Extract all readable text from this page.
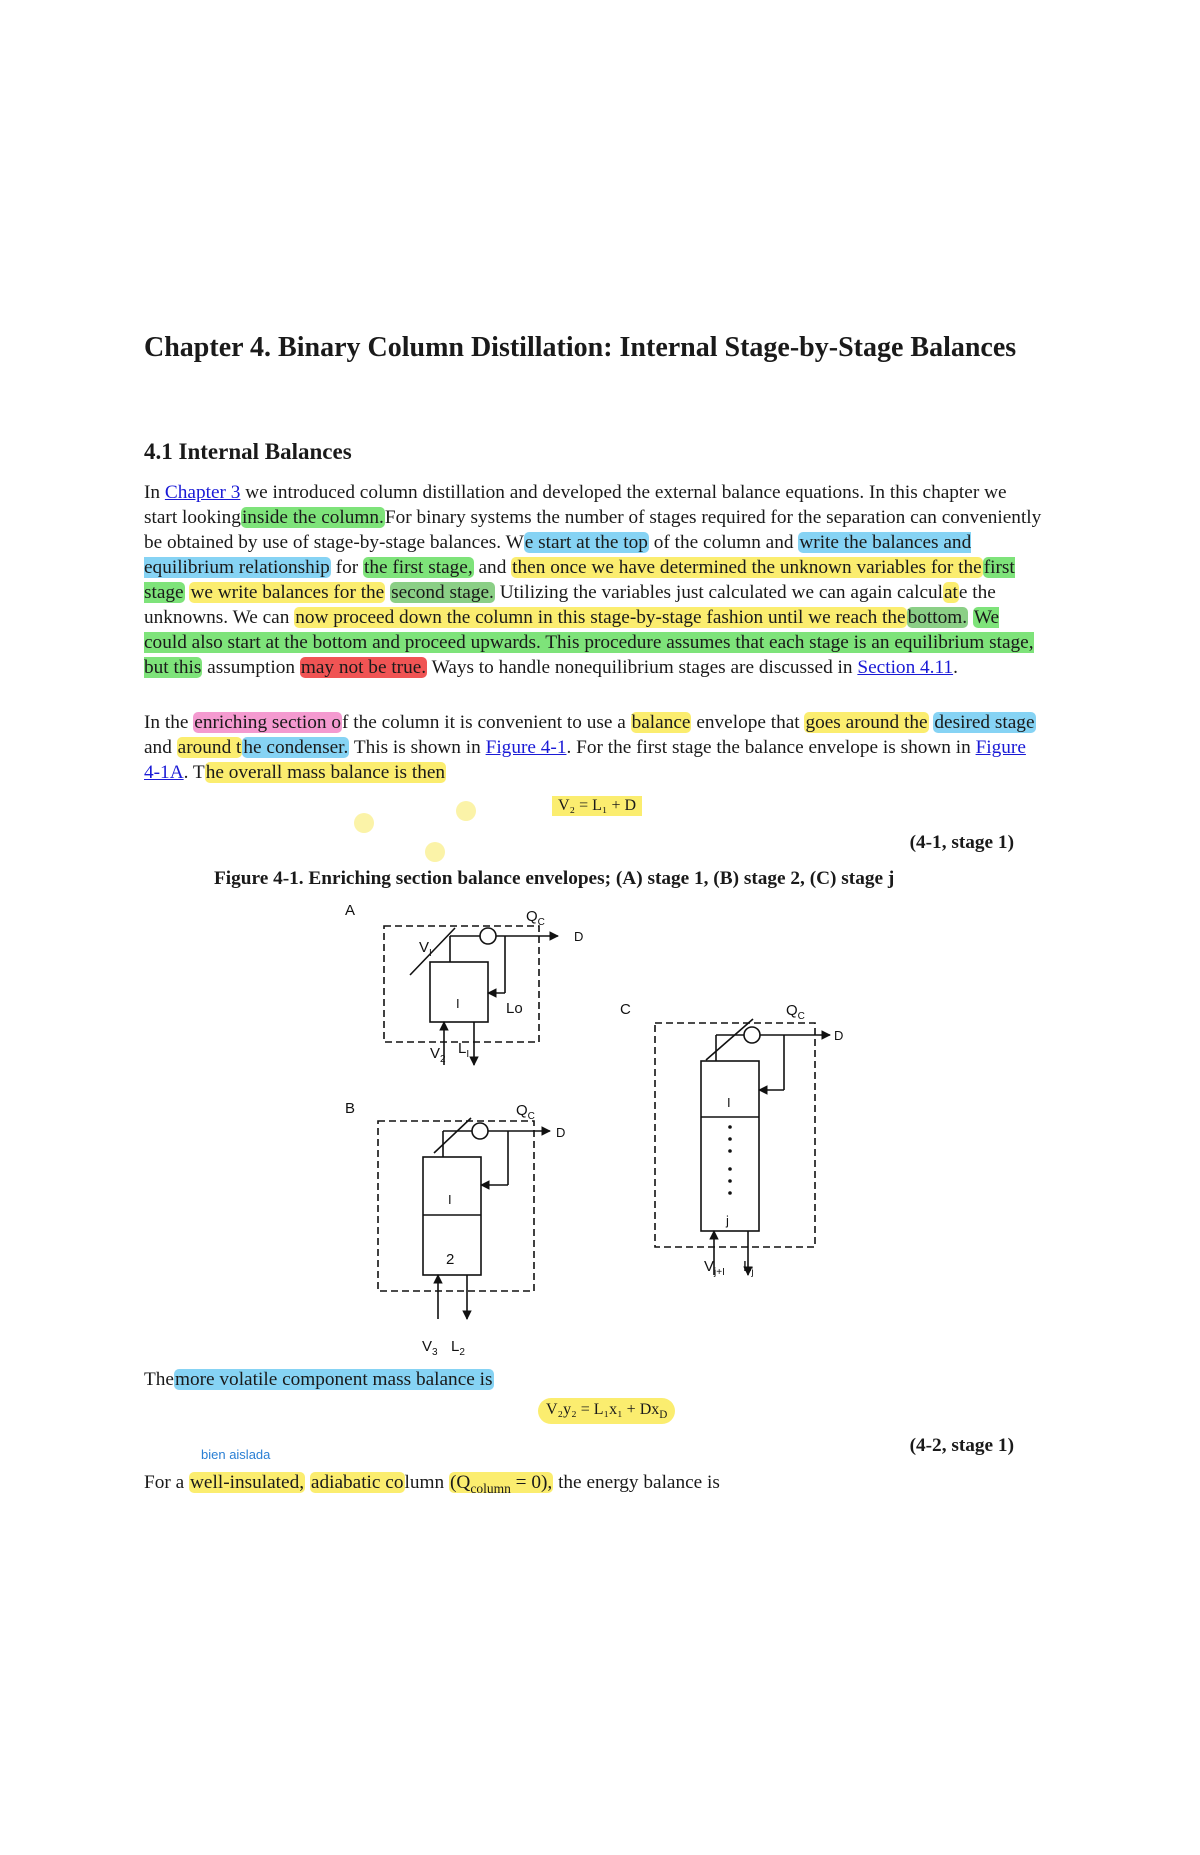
Chapter 4. Binary Column Distillation: Internal Stage-by-Stage Balances
4.1 Internal Balances

In Chapter 3 we introduced column distillation and developed the external balance equations. In this chapter we start lookinginside the column.For binary systems the number of stages required for the separation can conveniently be obtained by use of stage-by-stage balances. We start at the top of the column and write the balances and equilibrium relationship for the first stage, and then once we have determined the unknown variables for the first stage we write balances for the second stage. Utilizing the variables just calculated we can again calculate the unknowns. We can now proceed down the column in this stage-by-stage fashion until we reach the bottom. We could also start at the bottom and proceed upwards. This procedure assumes that each stage is an equilibrium stage, but this assumption may not be true. Ways to handle nonequilibrium stages are discussed in Section 4.11.

In the enriching section of the column it is convenient to use a balance envelope that goes around the desired stage and around t he condenser. This is shown in Figure 4-1. For the first stage the balance envelope is shown in Figure 4-1A. The overall mass balance is then

V₂ = L₁ + D
(4-1, stage 1)
Figure 4-1. Enriching section balance envelopes; (A) stage 1, (B) stage 2, (C) stage j
A	$Q_C$
D
$V_I$
Lo
I
$V_2$
$L_I$
B	$Q_C$
D
I
2
$V_3$ $L_2$
C	$Q_C$
D
I
j
$V_{j+I}$ $L_j$

Themore volatile component mass balance is

$V_2y_2 = L_1x_1 + Dx_D$
bien aislada	(4-2, stage 1)

For a well-insulated, adiabatic column $(Q_{column} = 0)$, the energy balance is
